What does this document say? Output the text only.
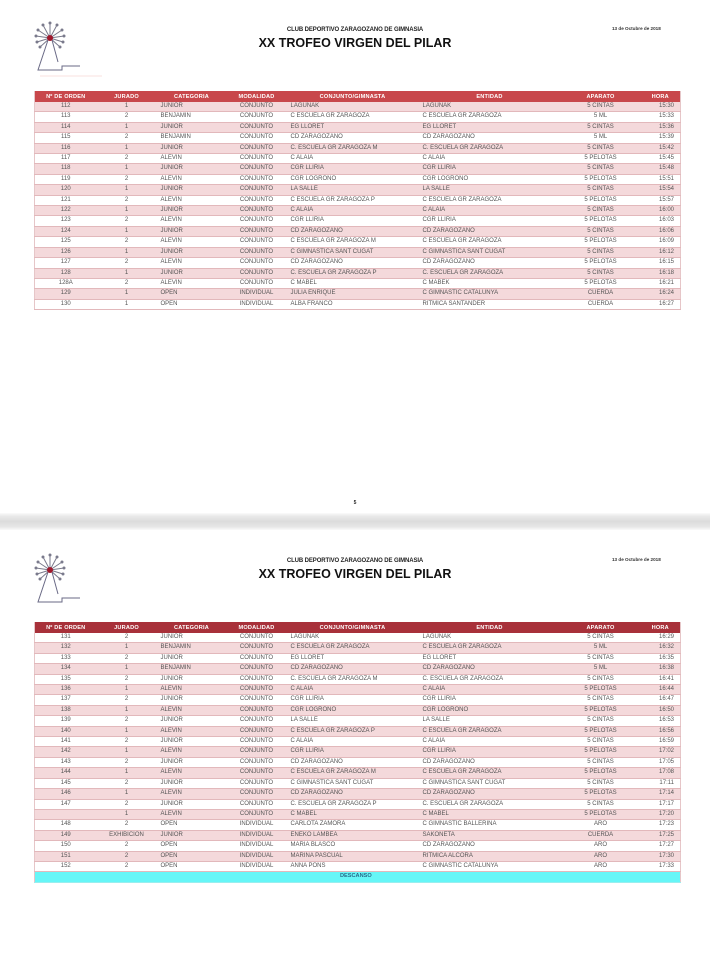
CLUB DEPORTIVO ZARAGOZANO DE GIMNASIA
XX TROFEO VIRGEN DEL PILAR
13 de Octubre de 2018
Nº DE ORDEN	JURADO	CATEGORIA	MODALIDAD	CONJUNTO/GIMNASTA	ENTIDAD	APARATO	HORA
112	1	JUNIOR	CONJUNTO	LAGUNAK	LAGUNAK	5 CINTAS	15:30
113	2	BENJAMIN	CONJUNTO	C ESCUELA GR ZARAGOZA	C ESCUELA GR ZARAGOZA	5 ML	15:33
114	1	JUNIOR	CONJUNTO	EG LLORET	EG LLORET	5 CINTAS	15:36
115	2	BENJAMIN	CONJUNTO	CD ZARAGOZANO	CD ZARAGOZANO	5 ML	15:39
116	1	JUNIOR	CONJUNTO	C. ESCUELA GR ZARAGOZA M	C. ESCUELA GR ZARAGOZA	5 CINTAS	15:42
117	2	ALEVIN	CONJUNTO	C ALAIA	C ALAIA	5 PELOTAS	15:45
118	1	JUNIOR	CONJUNTO	CGR LLIRIA	CGR LLIRIA	5 CINTAS	15:48
119	2	ALEVIN	CONJUNTO	CGR LOGROÑO	CGR LOGROÑO	5 PELOTAS	15:51
120	1	JUNIOR	CONJUNTO	LA SALLE	LA SALLE	5 CINTAS	15:54
121	2	ALEVIN	CONJUNTO	C ESCUELA GR ZARAGOZA P	C ESCUELA GR ZARAGOZA	5 PELOTAS	15:57
122	1	JUNIOR	CONJUNTO	C ALAIA	C ALAIA	5 CINTAS	16:00
123	2	ALEVIN	CONJUNTO	CGR LLIRIA	CGR LLIRIA	5 PELOTAS	16:03
124	1	JUNIOR	CONJUNTO	CD ZARAGOZANO	CD ZARAGOZANO	5 CINTAS	16:06
125	2	ALEVIN	CONJUNTO	C ESCUELA GR ZARAGOZA M	C ESCUELA GR ZARAGOZA	5 PELOTAS	16:09
126	1	JUNIOR	CONJUNTO	C GIMNASTICA SANT CUGAT	C GIMNASTICA SANT CUGAT	5 CINTAS	16:12
127	2	ALEVIN	CONJUNTO	CD ZARAGOZANO	CD ZARAGOZANO	5 PELOTAS	16:15
128	1	JUNIOR	CONJUNTO	C. ESCUELA GR ZARAGOZA P	C. ESCUELA GR ZARAGOZA	5 CINTAS	16:18
128A	2	ALEVIN	CONJUNTO	C MABEL	C MABEK	5 PELOTAS	16:21
129	1	OPEN	INDIVIDUAL	JULIA ENRIQUE	C GIMNASTIC CATALUNYA	CUERDA	16:24
130	1	OPEN	INDIVIDUAL	ALBA FRANCO	RITMICA SANTANDER	CUERDA	16:27
5
CLUB DEPORTIVO ZARAGOZANO DE GIMNASIA
XX TROFEO VIRGEN DEL PILAR
13 de Octubre de 2018
Nº DE ORDEN	JURADO	CATEGORIA	MODALIDAD	CONJUNTO/GIMNASTA	ENTIDAD	APARATO	HORA
131	2	JUNIOR	CONJUNTO	LAGUNAK	LAGUNAK	5 CINTAS	16:29
132	1	BENJAMIN	CONJUNTO	C ESCUELA GR ZARAGOZA	C ESCUELA GR ZARAGOZA	5 ML	16:32
133	2	JUNIOR	CONJUNTO	EG LLORET	EG LLORET	5 CINTAS	16:35
134	1	BENJAMIN	CONJUNTO	CD ZARAGOZANO	CD ZARAGOZANO	5 ML	16:38
135	2	JUNIOR	CONJUNTO	C. ESCUELA GR ZARAGOZA M	C. ESCUELA GR ZARAGOZA	5 CINTAS	16:41
136	1	ALEVIN	CONJUNTO	C ALAIA	C ALAIA	5 PELOTAS	16:44
137	2	JUNIOR	CONJUNTO	CGR LLIRIA	CGR LLIRIA	5 CINTAS	16:47
138	1	ALEVIN	CONJUNTO	CGR LOGROÑO	CGR LOGROÑO	5 PELOTAS	16:50
139	2	JUNIOR	CONJUNTO	LA SALLE	LA SALLE	5 CINTAS	16:53
140	1	ALEVIN	CONJUNTO	C ESCUELA GR ZARAGOZA P	C ESCUELA GR ZARAGOZA	5 PELOTAS	16:56
141	2	JUNIOR	CONJUNTO	C ALAIA	C ALAIA	5 CINTAS	16:59
142	1	ALEVIN	CONJUNTO	CGR LLIRIA	CGR LLIRIA	5 PELOTAS	17:02
143	2	JUNIOR	CONJUNTO	CD ZARAGOZANO	CD ZARAGOZANO	5 CINTAS	17:05
144	1	ALEVIN	CONJUNTO	C ESCUELA GR ZARAGOZA M	C ESCUELA GR ZARAGOZA	5 PELOTAS	17:08
145	2	JUNIOR	CONJUNTO	C GIMNASTICA SANT CUGAT	C GIMNASTICA SANT CUGAT	5 CINTAS	17:11
146	1	ALEVIN	CONJUNTO	CD ZARAGOZANO	CD ZARAGOZANO	5 PELOTAS	17:14
147	2	JUNIOR	CONJUNTO	C. ESCUELA GR ZARAGOZA P	C. ESCUELA GR ZARAGOZA	5 CINTAS	17:17
	1	ALEVIN	CONJUNTO	C MABEL	C MABEL	5 PELOTAS	17:20
148	2	OPEN	INDIVIDUAL	CARLOTA ZAMORA	C GIMNASTIC BALLERINA	ARO	17:23
149	EXHIBICION	JUNIOR	INDIVIDUAL	ENEKO LAMBEA	SAKONETA	CUERDA	17:25
150	2	OPEN	INDIVIDUAL	MARIA BLASCO	CD ZARAGOZANO	ARO	17:27
151	2	OPEN	INDIVIDUAL	MARINA PASCUAL	RITMICA ALCORA	ARO	17:30
152	2	OPEN	INDIVIDUAL	ANNA PONS	C GIMNASTIC CATALUNYA	ARO	17:33
DESCANSO							
